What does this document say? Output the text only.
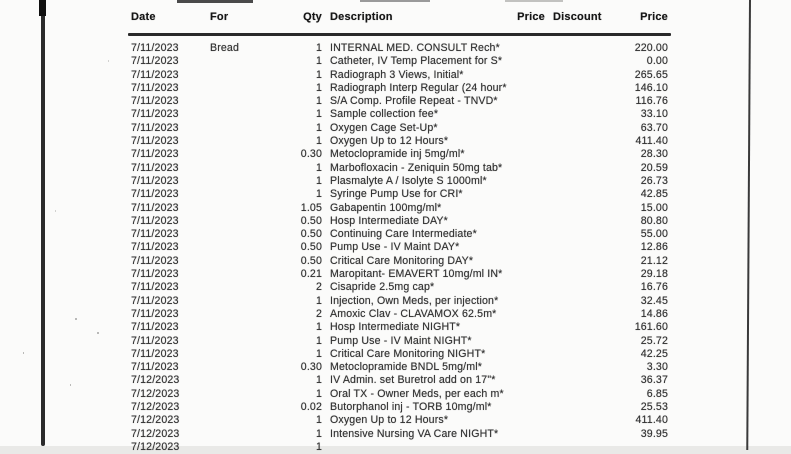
Date	For	Qty Description	Price Discount	Price
7/11/2023	Bread	1 INTERNAL MED. CONSULT Rech*	220.00
7/11/2023	1 Catheter, IV Temp Placement for S*	0.00
7/11/2023	1 Radiograph 3 Views, Initial*	265.65
7/11/2023	1 Radiograph Interp Regular (24 hour*	146.10
7/11/2023	1 S/A Comp. Profile Repeat - TNVD*	116.76
7/11/2023	1 Sample collection fee*	33.10
7/11/2023	1 Oxygen Cage Set-Up*	63.70
7/11/2023	1 Oxygen Up to 12 Hours*	411.40
7/11/2023	0.30 Metoclopramide inj 5mg/ml*	28.30
7/11/2023	1 Marbofloxacin - Zeniquin 50mg tab*	20.59
7/11/2023	1 Plasmalyte A / Isolyte S 1000ml*	26.73
7/11/2023	1 Syringe Pump Use for CRI*	42.85
7/11/2023	1.05 Gabapentin 100mg/ml*	15.00
7/11/2023	0.50 Hosp Intermediate DAY*	80.80
7/11/2023	0.50 Continuing Care Intermediate*	55.00
7/11/2023	0.50 Pump Use - IV Maint DAY*	12.86
7/11/2023	0.50 Critical Care Monitoring DAY*	21.12
7/11/2023	0.21 Maropitant- EMAVERT 10mg/ml IN*	29.18
7/11/2023	2 Cisapride 2.5mg cap*	16.76
7/11/2023	1 Injection, Own Meds, per injection*	32.45
7/11/2023	2 Amoxic Clav - CLAVAMOX 62.5m*	14.86
7/11/2023	1 Hosp Intermediate NIGHT*	161.60
7/11/2023	1 Pump Use - IV Maint NIGHT*	25.72
7/11/2023	1 Critical Care Monitoring NIGHT*	42.25
7/11/2023	0.30 Metoclopramide BNDL 5mg/ml*	3.30
7/12/2023	1 IV Admin. set Buretrol add on 17"*	36.37
7/12/2023	1 Oral TX - Owner Meds, per each m*	6.85
7/12/2023	0.02 Butorphanol inj - TORB 10mg/ml*	25.53
7/12/2023	1 Oxygen Up to 12 Hours*	411.40
7/12/2023	1 Intensive Nursing VA Care NIGHT*	39.95
7/12/2023	1
